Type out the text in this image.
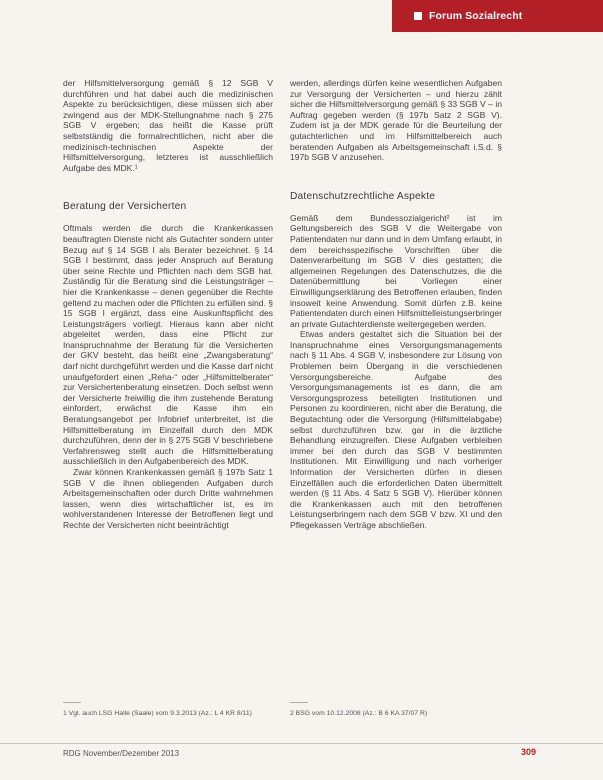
Forum Sozialrecht

der Hilfsmittelversorgung gemäß § 12 SGB V durchführen und hat dabei auch die medizinischen Aspekte zu berücksichtigen, diese müssen sich aber zwingend aus der MDK-Stellungnahme nach § 275 SGB V ergeben; das heißt die Kasse prüft selbstständig die formalrechtlichen, nicht aber die medizinisch-technischen Aspekte der Hilfsmittelversorgung, letzteres ist ausschließlich Aufgabe des MDK.¹

Beratung der Versicherten

Oftmals werden die durch die Krankenkassen beauftragten Dienste nicht als Gutachter sondern unter Bezug auf § 14 SGB I als Berater bezeichnet. § 14 SGB I bestimmt, dass jeder Anspruch auf Beratung über seine Rechte und Pflichten nach dem SGB hat. Zuständig für die Beratung sind die Leistungsträger – hier die Krankenkasse – denen gegenüber die Rechte geltend zu machen oder die Pflichten zu erfüllen sind. § 15 SGB I ergänzt, dass eine Auskunftspflicht des Leistungsträgers vorliegt. Hieraus kann aber nicht abgeleitet werden, dass eine Pflicht zur Inanspruchnahme der Beratung für die Versicherten der GKV besteht, das heißt eine „Zwangsberatung“ darf nicht durchgeführt werden und die Kasse darf nicht unaufgefordert einen „Reha-“ oder „Hilfsmittelberater“ zur Versichertenberatung einsetzen. Doch selbst wenn der Versicherte freiwillig die ihm zustehende Beratung einfordert, erwächst die Kasse ihm ein Beratungsangebot per Infobrief unterbreitet, ist die Hilfsmittelberatung im Einzelfall durch den MDK durchzuführen, denn der in § 275 SGB V beschriebene Verfahrensweg stellt auch die Hilfsmittelberatung ausschließlich in den Aufgabenbereich des MDK.

Zwar können Krankenkassen gemäß § 197b Satz 1 SGB V die ihnen obliegenden Aufgaben durch Arbeitsgemeinschaften oder durch Dritte wahrnehmen lassen, wenn dies wirtschaftlicher ist, es im wohlverstandenen Interesse der Betroffenen liegt und Rechte der Versicherten nicht beeinträchtigt

werden, allerdings dürfen keine wesentlichen Aufgaben zur Versorgung der Versicherten – und hierzu zählt sicher die Hilfsmittelversorgung gemäß § 33 SGB V – in Auftrag gegeben werden (§ 197b Satz 2 SGB V). Zudem ist ja der MDK gerade für die Beurteilung der gutachterlichen und im Hilfsmittelbereich auch beratenden Aufgaben als Arbeitsgemeinschaft i.S.d. § 197b SGB V anzusehen.

Datenschutzrechtliche Aspekte

Gemäß dem Bundessozialgericht² ist im Geltungsbereich des SGB V die Weitergabe von Patientendaten nur dann und in dem Umfang erlaubt, in dem bereichsspezifische Vorschriften über die Datenverarbeitung im SGB V dies gestatten; die allgemeinen Regelungen des Datenschutzes, die die Datenübermittlung bei Vorliegen einer Einwilligungserklärung des Betroffenen erlauben, finden insoweit keine Anwendung. Somit dürfen z.B. keine Patientendaten durch einen Hilfsmittelleistungserbringer an private Gutachterdienste weitergegeben werden.

Etwas anders gestaltet sich die Situation bei der Inanspruchnahme eines Versorgungsmanagements nach § 11 Abs. 4 SGB V, insbesondere zur Lösung von Problemen beim Übergang in die verschiedenen Versorgungsbereiche. Aufgabe des Versorgungsmanagements ist es dann, die am Versorgungsprozess beteiligten Institutionen und Personen zu koordinieren, nicht aber die Beratung, die Begutachtung oder die Versorgung (Hilfsmittelabgabe) selbst durchzuführen bzw. gar in die ärztliche Behandlung einzugreifen. Diese Aufgaben verbleiben immer bei den durch das SGB V bestimmten Institutionen. Mit Einwilligung und nach vorheriger Information der Versicherten dürfen in diesen Einzelfällen auch die erforderlichen Daten übermittelt werden (§ 11 Abs. 4 Satz 5 SGB V). Hierüber können die Krankenkassen auch mit den betroffenen Leistungserbringern nach dem SGB V bzw. XI und den Pflegekassen Verträge abschließen.

1 Vgl. auch LSG Halle (Saale) vom 9.3.2013 (Az.: L 4 KR 8/11)	2 BSG vom 10.12.2008 (Az.: B 6 KA 37/07 R)
RDG November/Dezember 2013	309
